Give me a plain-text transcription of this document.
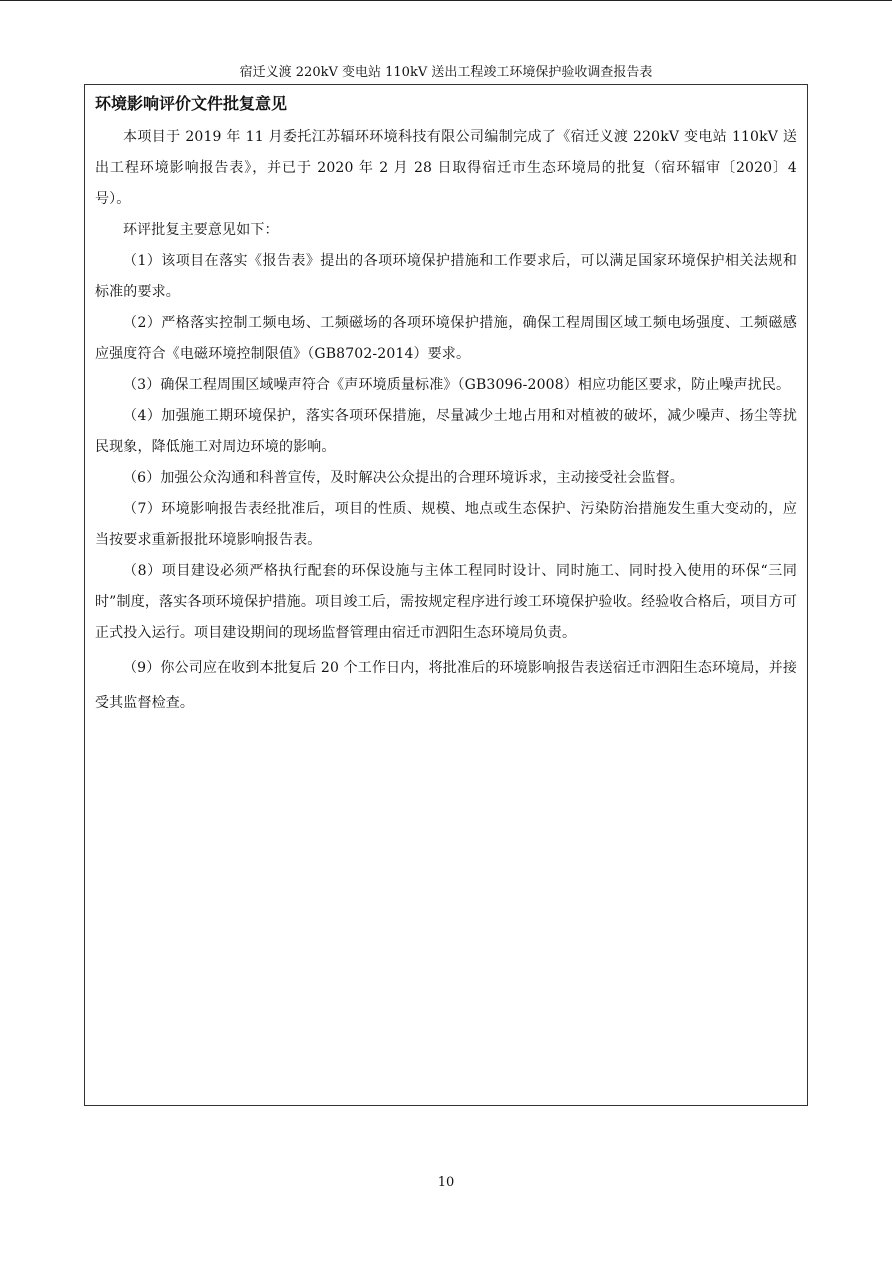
宿迁义渡 220kV 变电站 110kV 送出工程竣工环境保护验收调查报告表
环境影响评价文件批复意见

本项目于 2019 年 11 月委托江苏辐环环境科技有限公司编制完成了《宿迁义渡 220kV 变电站 110kV 送出工程环境影响报告表》，并已于 2020 年 2 月 28 日取得宿迁市生态环境局的批复（宿环辐审〔2020〕4 号）。

环评批复主要意见如下：

（1）该项目在落实《报告表》提出的各项环境保护措施和工作要求后，可以满足国家环境保护相关法规和标准的要求。

（2）严格落实控制工频电场、工频磁场的各项环境保护措施，确保工程周围区域工频电场强度、工频磁感应强度符合《电磁环境控制限值》（GB8702-2014）要求。

（3）确保工程周围区域噪声符合《声环境质量标准》（GB3096-2008）相应功能区要求，防止噪声扰民。

（4）加强施工期环境保护，落实各项环保措施，尽量减少土地占用和对植被的破坏，减少噪声、扬尘等扰民现象，降低施工对周边环境的影响。

（6）加强公众沟通和科普宣传，及时解决公众提出的合理环境诉求，主动接受社会监督。

（7）环境影响报告表经批准后，项目的性质、规模、地点或生态保护、污染防治措施发生重大变动的，应当按要求重新报批环境影响报告表。

（8）项目建设必须严格执行配套的环保设施与主体工程同时设计、同时施工、同时投入使用的环保“三同时”制度，落实各项环境保护措施。项目竣工后，需按规定程序进行竣工环境保护验收。经验收合格后，项目方可正式投入运行。项目建设期间的现场监督管理由宿迁市泗阳生态环境局负责。

（9）你公司应在收到本批复后 20 个工作日内，将批准后的环境影响报告表送宿迁市泗阳生态环境局，并接受其监督检查。

10
